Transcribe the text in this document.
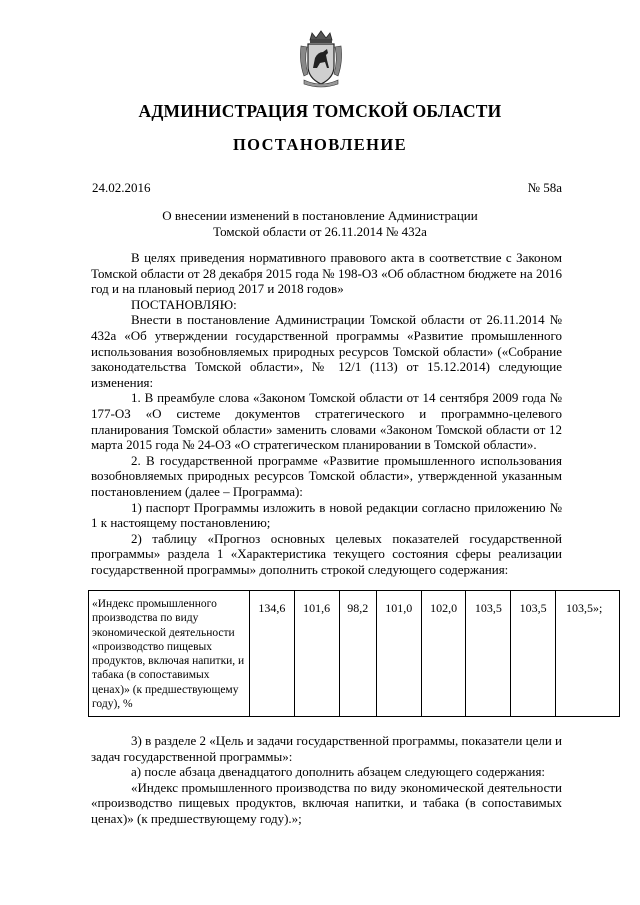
АДМИНИСТРАЦИЯ ТОМСКОЙ ОБЛАСТИ
ПОСТАНОВЛЕНИЕ
24.02.2016	№ 58а
О внесении изменений в постановление Администрации
Томской области от 26.11.2014 № 432а

В целях приведения нормативного правового акта в соответствие с Законом Томской области от 28 декабря 2015 года № 198-ОЗ «Об областном бюджете на 2016 год и на плановый период 2017 и 2018 годов»

ПОСТАНОВЛЯЮ:

Внести в постановление Администрации Томской области от 26.11.2014 № 432а «Об утверждении государственной программы «Развитие промышленного использования возобновляемых природных ресурсов Томской области» («Собрание законодательства Томской области», № 12/1 (113) от 15.12.2014) следующие изменения:

1. В преамбуле слова «Законом Томской области от 14 сентября 2009 года № 177-ОЗ «О системе документов стратегического и программно-целевого планирования Томской области» заменить словами «Законом Томской области от 12 марта 2015 года № 24-ОЗ «О стратегическом планировании в Томской области».

2. В государственной программе «Развитие промышленного использования возобновляемых природных ресурсов Томской области», утвержденной указанным постановлением (далее – Программа):

1) паспорт Программы изложить в новой редакции согласно приложению № 1 к настоящему постановлению;

2) таблицу «Прогноз основных целевых показателей государственной программы» раздела 1 «Характеристика текущего состояния сферы реализации государственной программы» дополнить строкой следующего содержания:

«Индекс промышленного производства по виду экономической деятельности «производство пищевых продуктов, включая напитки, и табака (в сопоставимых ценах)» (к предшествующему году), %	134,6	101,6	98,2	101,0	102,0	103,5	103,5	103,5»;

3) в разделе 2 «Цель и задачи государственной программы, показатели цели и задач государственной программы»:

а) после абзаца двенадцатого дополнить абзацем следующего содержания:

«Индекс промышленного производства по виду экономической деятельности «производство пищевых продуктов, включая напитки, и табака (в сопоставимых ценах)» (к предшествующему году).»;
